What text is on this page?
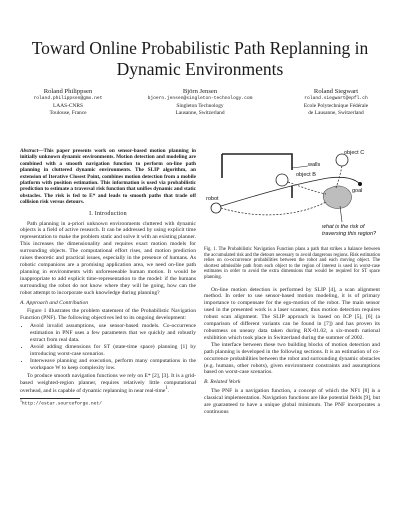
Toward Online Probabilistic Path Replanning in Dynamic Environments
Roland Philippsen
roland.philippsen@gmx.net
LAAS-CNRS
Toulouse, France
Björn Jensen
bjoern.jensen@singleton-technology.com
Singleton Technology
Lausanne, Switzerland
Roland Siegwart
roland.siegwart@epfl.ch
Ecole Polytechnique Fédérale
de Lausanne, Switzerland
Abstract—This paper presents work on sensor-based motion planning in initially unknown dynamic environments. Motion detection and modeling are combined with a smooth navigation function to perform on-line path planning in cluttered dynamic environments. The SLIP algorithm, an extension of Iterative Closest Point, combines motion detection from a mobile platform with position estimation. This information is used via probabilistic prediction to estimate a traversal risk function that unifies dynamic and static obstacles. The risk is fed to E* and leads to smooth paths that trade off collision risk versus detours.
I. Introduction

Path planning in a-priori unknown environments cluttered with dynamic objects is a field of active research. It can be addressed by using explicit time representation to make the problem static and solve it with an existing planner. This increases the dimensionality and requires exact motion models for surrounding objects. The computational effort rises, and motion prediction raises theoretic and practical issues, especially in the presence of humans. As robotic companions are a promising application area, we need on-line path planning in environments with unforeseeable human motion. It would be inappropriate to add explicit time-representation to the model: if the humans surrounding the robot do not know where they will be going, how can the robot attempt to incorporate such knowledge during planning?

A. Approach and Contribution

Figure 1 illustrates the problem statement of the Probabilistic Navigation Function (PNF). The following objectives led to its ongoing development:

• Avoid invalid assumptions, use sensor-based models. Co-occurrence estimation in PNF uses a few parameters that we quickly and robustly extract from real data.
• Avoid adding dimensions for ST (state-time space) planning [1] by introducing worst-case scenarios.
• Interweave planning and execution, perform many computations in the workspace W to keep complexity low.

To produce smooth navigation functions we rely on E* [2], [3]. It is a grid-based weighted-region planner, requires relatively little computational overhead, and is capable of dynamic replanning in near real-time$^1$.

$^1$http://estar.sourceforge.net/
object C
walls
object B
goal
robot
what is the risk of
traversing this region?
Fig. 1. The Probabilistic Navigation Function plans a path that strikes a balance between the accumulated risk and the detours necessary to avoid dangerous regions. Risk estimation relies on co-occurrence probabilities between the robot and each moving object. The shortest admissible path from each object to the region of interest is used in worst-case estimates in order to avoid the extra dimensions that would be required for ST space planning.

On-line motion detection is performed by SLIP [4], a scan alignment method. In order to use sensor-based motion modeling, it is of primary importance to compensate for the ego-motion of the robot. The main sensor used in the presented work is a laser scanner, thus motion detection requires robust scan alignment. The SLIP approach is based on ICP [5], [6] (a comparison of different variants can be found in [7]) and has proven its robustness on uneasy data taken during RX-01.02, a six-month national exhibition which took place in Switzerland during the summer of 2002.

The interface between these two building blocks of motion detection and path planning is developed in the following sections. It is an estimation of co-occurrence probabilities between the robot and surrounding dynamic obstacles (e.g. humans, other robots), given environment constraints and assumptions based on worst-case scenarios.

B. Related Work

The PNF is a navigation function, a concept of which the NF1 [8] is a classical implementation. Navigation functions are like potential fields [9], but are guaranteed to have a unique global minimum. The PNF incorporates a continuous
